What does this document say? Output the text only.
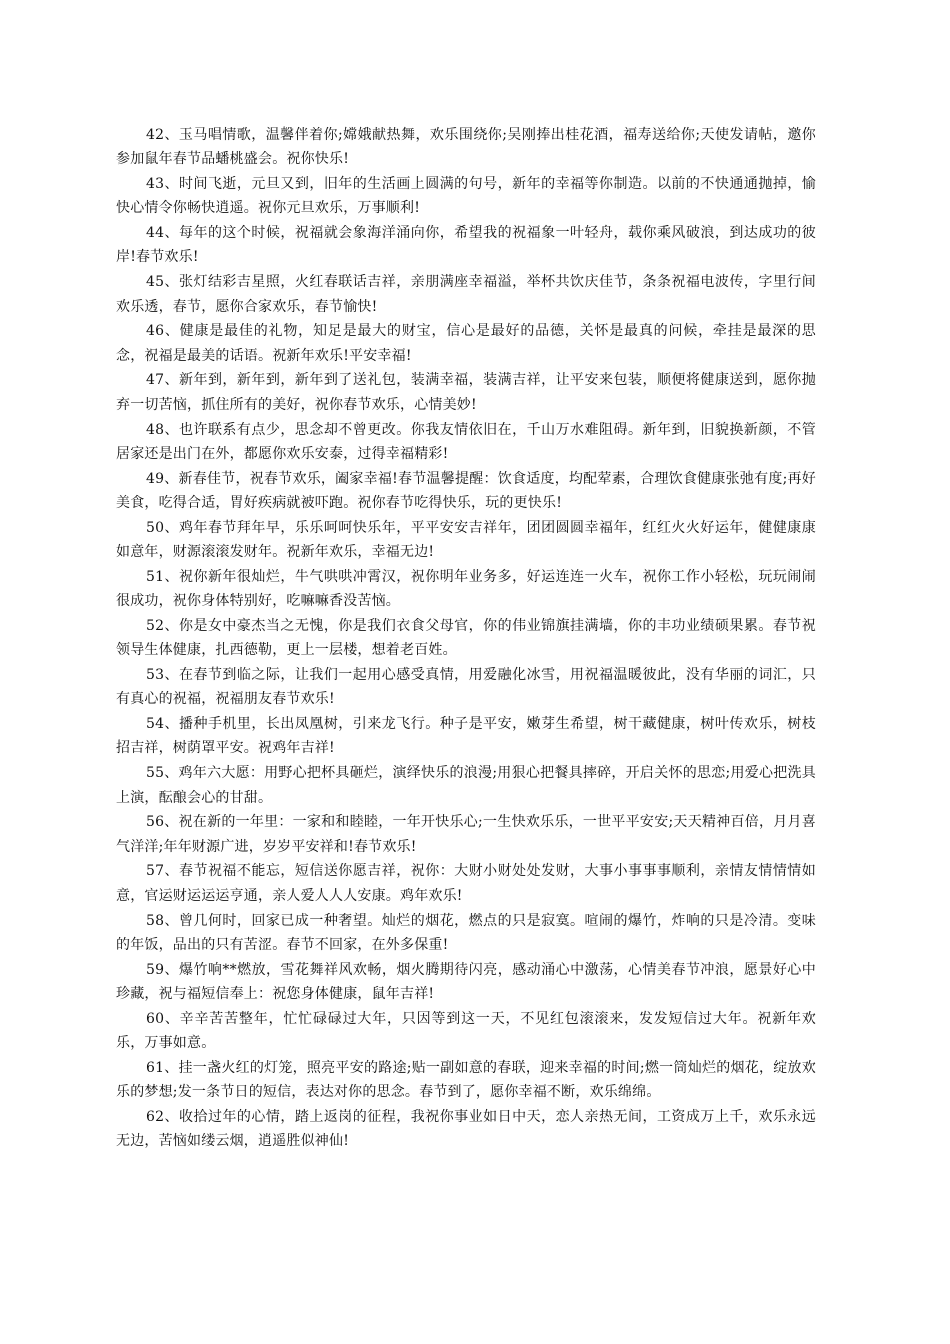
42、玉马唱情歌，温馨伴着你;嫦娥献热舞，欢乐围绕你;吴刚捧出桂花酒，福寿送给你;天使发请帖，邀你参加鼠年春节品蟠桃盛会。祝你快乐!

43、时间飞逝，元旦又到，旧年的生活画上圆满的句号，新年的幸福等你制造。以前的不快通通抛掉，愉快心情令你畅快逍遥。祝你元旦欢乐，万事顺利!

44、每年的这个时候，祝福就会象海洋涌向你，希望我的祝福象一叶轻舟，载你乘风破浪，到达成功的彼岸!春节欢乐!

45、张灯结彩吉星照，火红春联话吉祥，亲朋满座幸福溢，举杯共饮庆佳节，条条祝福电波传，字里行间欢乐透，春节，愿你合家欢乐，春节愉快!

46、健康是最佳的礼物，知足是最大的财宝，信心是最好的品德，关怀是最真的问候，牵挂是最深的思念，祝福是最美的话语。祝新年欢乐!平安幸福!

47、新年到，新年到，新年到了送礼包，装满幸福，装满吉祥，让平安来包装，顺便将健康送到，愿你抛弃一切苦恼，抓住所有的美好，祝你春节欢乐，心情美妙!

48、也许联系有点少，思念却不曾更改。你我友情依旧在，千山万水难阻碍。新年到，旧貌换新颜，不管居家还是出门在外，都愿你欢乐安泰，过得幸福精彩!

49、新春佳节，祝春节欢乐，阖家幸福!春节温馨提醒：饮食适度，均配荤素，合理饮食健康张弛有度;再好美食，吃得合适，胃好疾病就被吓跑。祝你春节吃得快乐，玩的更快乐!

50、鸡年春节拜年早，乐乐呵呵快乐年，平平安安吉祥年，团团圆圆幸福年，红红火火好运年，健健康康如意年，财源滚滚发财年。祝新年欢乐，幸福无边!

51、祝你新年很灿烂，牛气哄哄冲霄汉，祝你明年业务多，好运连连一火车，祝你工作小轻松，玩玩闹闹很成功，祝你身体特别好，吃嘛嘛香没苦恼。

52、你是女中豪杰当之无愧，你是我们衣食父母官，你的伟业锦旗挂满墙，你的丰功业绩硕果累。春节祝领导生体健康，扎西德勒，更上一层楼，想着老百姓。

53、在春节到临之际，让我们一起用心感受真情，用爱融化冰雪，用祝福温暖彼此，没有华丽的词汇，只有真心的祝福，祝福朋友春节欢乐!

54、播种手机里，长出凤凰树，引来龙飞行。种子是平安，嫩芽生希望，树干藏健康，树叶传欢乐，树枝招吉祥，树荫罩平安。祝鸡年吉祥!

55、鸡年六大愿：用野心把杯具砸烂，演绎快乐的浪漫;用狠心把餐具摔碎，开启关怀的思恋;用爱心把洗具上演，酝酿会心的甘甜。

56、祝在新的一年里：一家和和睦睦，一年开快乐心;一生快欢乐乐，一世平平安安;天天精神百倍，月月喜气洋洋;年年财源广进，岁岁平安祥和!春节欢乐!

57、春节祝福不能忘，短信送你愿吉祥，祝你：大财小财处处发财，大事小事事事顺利，亲情友情情情如意，官运财运运运亨通，亲人爱人人人安康。鸡年欢乐!

58、曾几何时，回家已成一种奢望。灿烂的烟花，燃点的只是寂寞。喧闹的爆竹，炸响的只是冷清。变味的年饭，品出的只有苦涩。春节不回家，在外多保重!

59、爆竹响**燃放，雪花舞祥风欢畅，烟火腾期待闪亮，感动涌心中激荡，心情美春节冲浪，愿景好心中珍藏，祝与福短信奉上：祝您身体健康，鼠年吉祥!

60、辛辛苦苦整年，忙忙碌碌过大年，只因等到这一天，不见红包滚滚来，发发短信过大年。祝新年欢乐，万事如意。

61、挂一盏火红的灯笼，照亮平安的路途;贴一副如意的春联，迎来幸福的时间;燃一筒灿烂的烟花，绽放欢乐的梦想;发一条节日的短信，表达对你的思念。春节到了，愿你幸福不断，欢乐绵绵。

62、收拾过年的心情，踏上返岗的征程，我祝你事业如日中天，恋人亲热无间，工资成万上千，欢乐永远无边，苦恼如缕云烟，逍遥胜似神仙!
